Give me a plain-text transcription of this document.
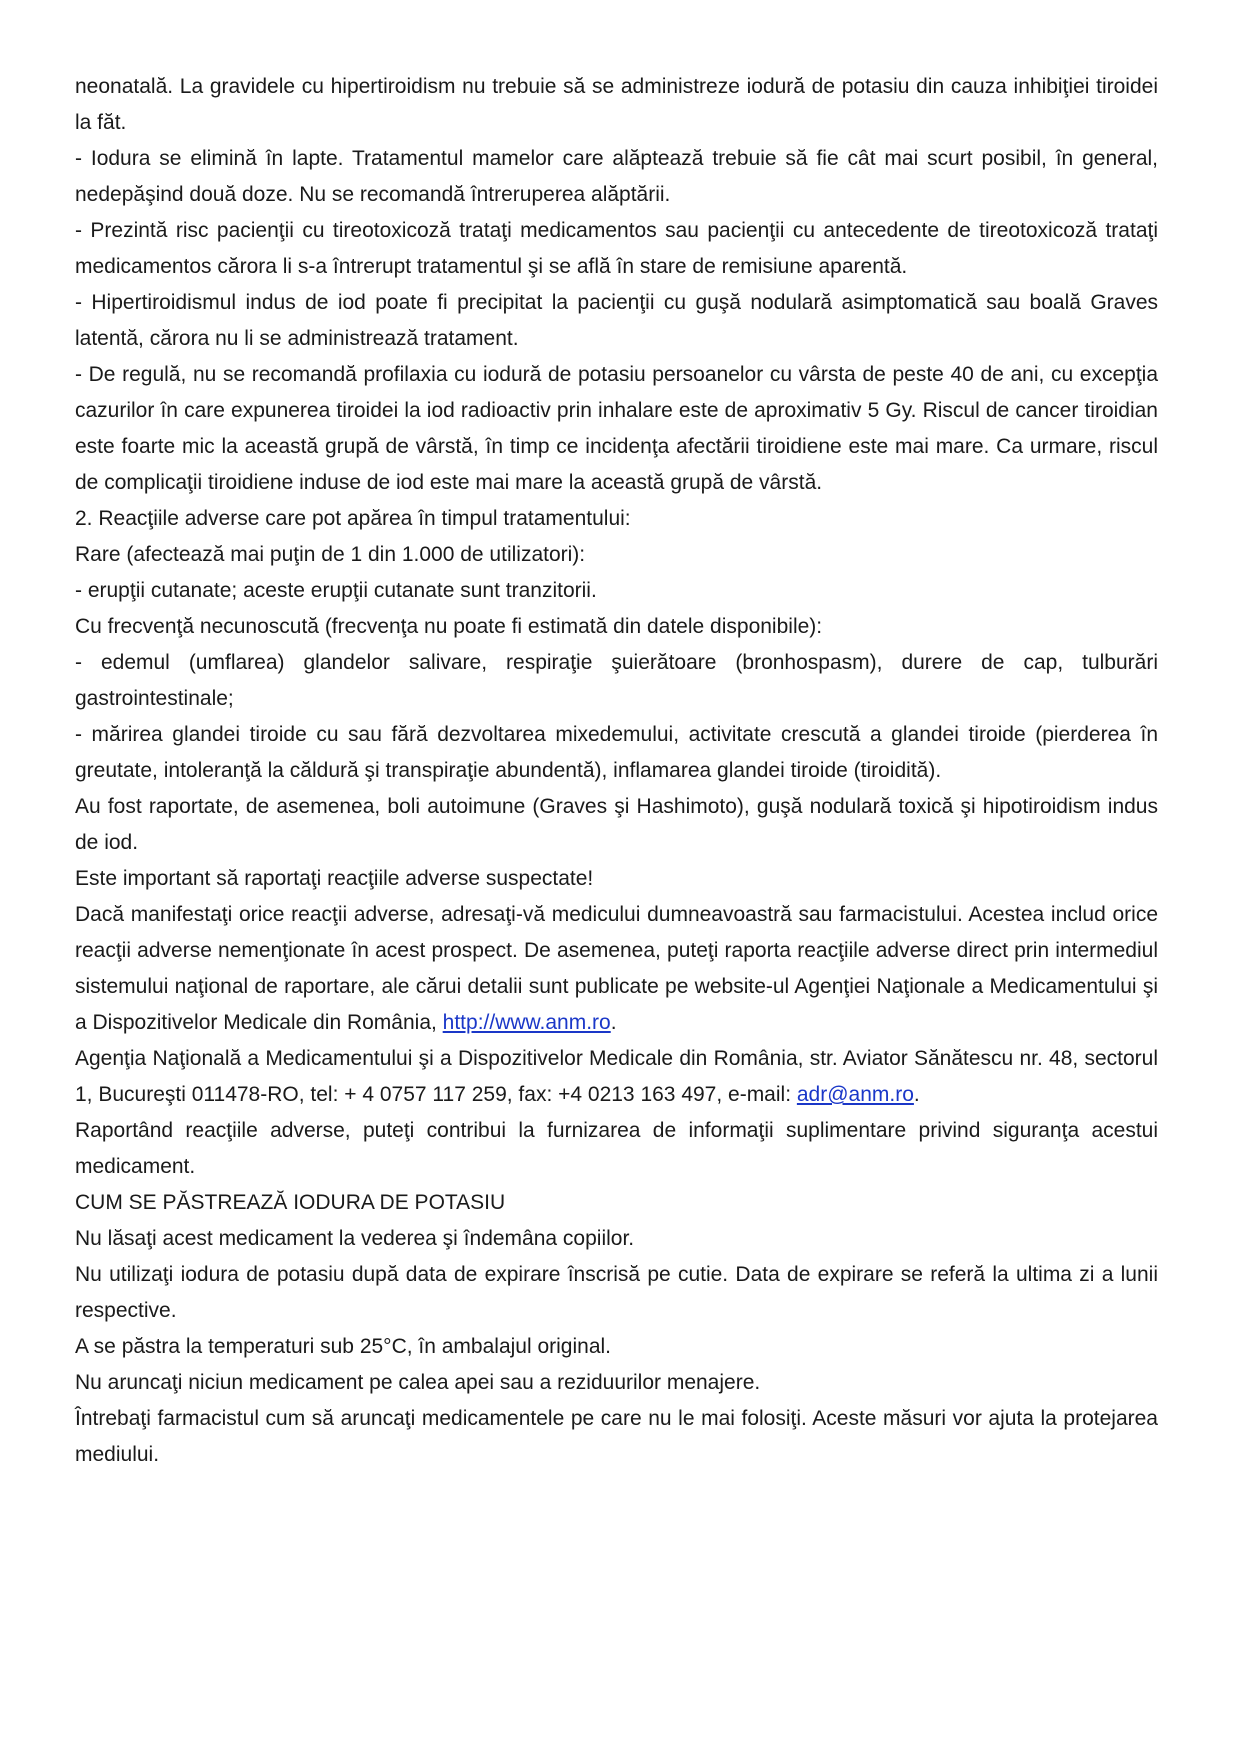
neonatală. La gravidele cu hipertiroidism nu trebuie să se administreze iodură de potasiu din cauza inhibiţiei tiroidei la făt.

- Iodura se elimină în lapte. Tratamentul mamelor care alăptează trebuie să fie cât mai scurt posibil, în general, nedepăşind două doze. Nu se recomandă întreruperea alăptării.

- Prezintă risc pacienţii cu tireotoxicoză trataţi medicamentos sau pacienţii cu antecedente de tireotoxicoză trataţi medicamentos cărora li s-a întrerupt tratamentul şi se află în stare de remisiune aparentă.

- Hipertiroidismul indus de iod poate fi precipitat la pacienţii cu guşă nodulară asimptomatică sau boală Graves latentă, cărora nu li se administrează tratament.

- De regulă, nu se recomandă profilaxia cu iodură de potasiu persoanelor cu vârsta de peste 40 de ani, cu excepţia cazurilor în care expunerea tiroidei la iod radioactiv prin inhalare este de aproximativ 5 Gy. Riscul de cancer tiroidian este foarte mic la această grupă de vârstă, în timp ce incidenţa afectării tiroidiene este mai mare. Ca urmare, riscul de complicaţii tiroidiene induse de iod este mai mare la această grupă de vârstă.

2. Reacţiile adverse care pot apărea în timpul tratamentului:

Rare (afectează mai puţin de 1 din 1.000 de utilizatori):

- erupţii cutanate; aceste erupţii cutanate sunt tranzitorii.

Cu frecvenţă necunoscută (frecvenţa nu poate fi estimată din datele disponibile):

- edemul (umflarea) glandelor salivare, respiraţie şuierătoare (bronhospasm), durere de cap, tulburări gastrointestinale;

- mărirea glandei tiroide cu sau fără dezvoltarea mixedemului, activitate crescută a glandei tiroide (pierderea în greutate, intoleranţă la căldură şi transpiraţie abundentă), inflamarea glandei tiroide (tiroidită).

Au fost raportate, de asemenea, boli autoimune (Graves şi Hashimoto), guşă nodulară toxică şi hipotiroidism indus de iod.

Este important să raportaţi reacţiile adverse suspectate!

Dacă manifestaţi orice reacţii adverse, adresaţi-vă medicului dumneavoastră sau farmacistului. Acestea includ orice reacţii adverse nemenţionate în acest prospect. De asemenea, puteţi raporta reacţiile adverse direct prin intermediul sistemului naţional de raportare, ale cărui detalii sunt publicate pe website-ul Agenţiei Naţionale a Medicamentului şi a Dispozitivelor Medicale din România, http://www.anm.ro.

Agenţia Naţională a Medicamentului şi a Dispozitivelor Medicale din România, str. Aviator Sănătescu nr. 48, sectorul 1, Bucureşti 011478-RO, tel: + 4 0757 117 259, fax: +4 0213 163 497, e-mail: adr@anm.ro.

Raportând reacţiile adverse, puteţi contribui la furnizarea de informaţii suplimentare privind siguranţa acestui medicament.

CUM SE PĂSTREAZĂ IODURA DE POTASIU

Nu lăsaţi acest medicament la vederea şi îndemâna copiilor.

Nu utilizaţi iodura de potasiu după data de expirare înscrisă pe cutie. Data de expirare se referă la ultima zi a lunii respective.

A se păstra la temperaturi sub 25°C, în ambalajul original.

Nu aruncaţi niciun medicament pe calea apei sau a reziduurilor menajere.

Întrebaţi farmacistul cum să aruncaţi medicamentele pe care nu le mai folosiţi. Aceste măsuri vor ajuta la protejarea mediului.
